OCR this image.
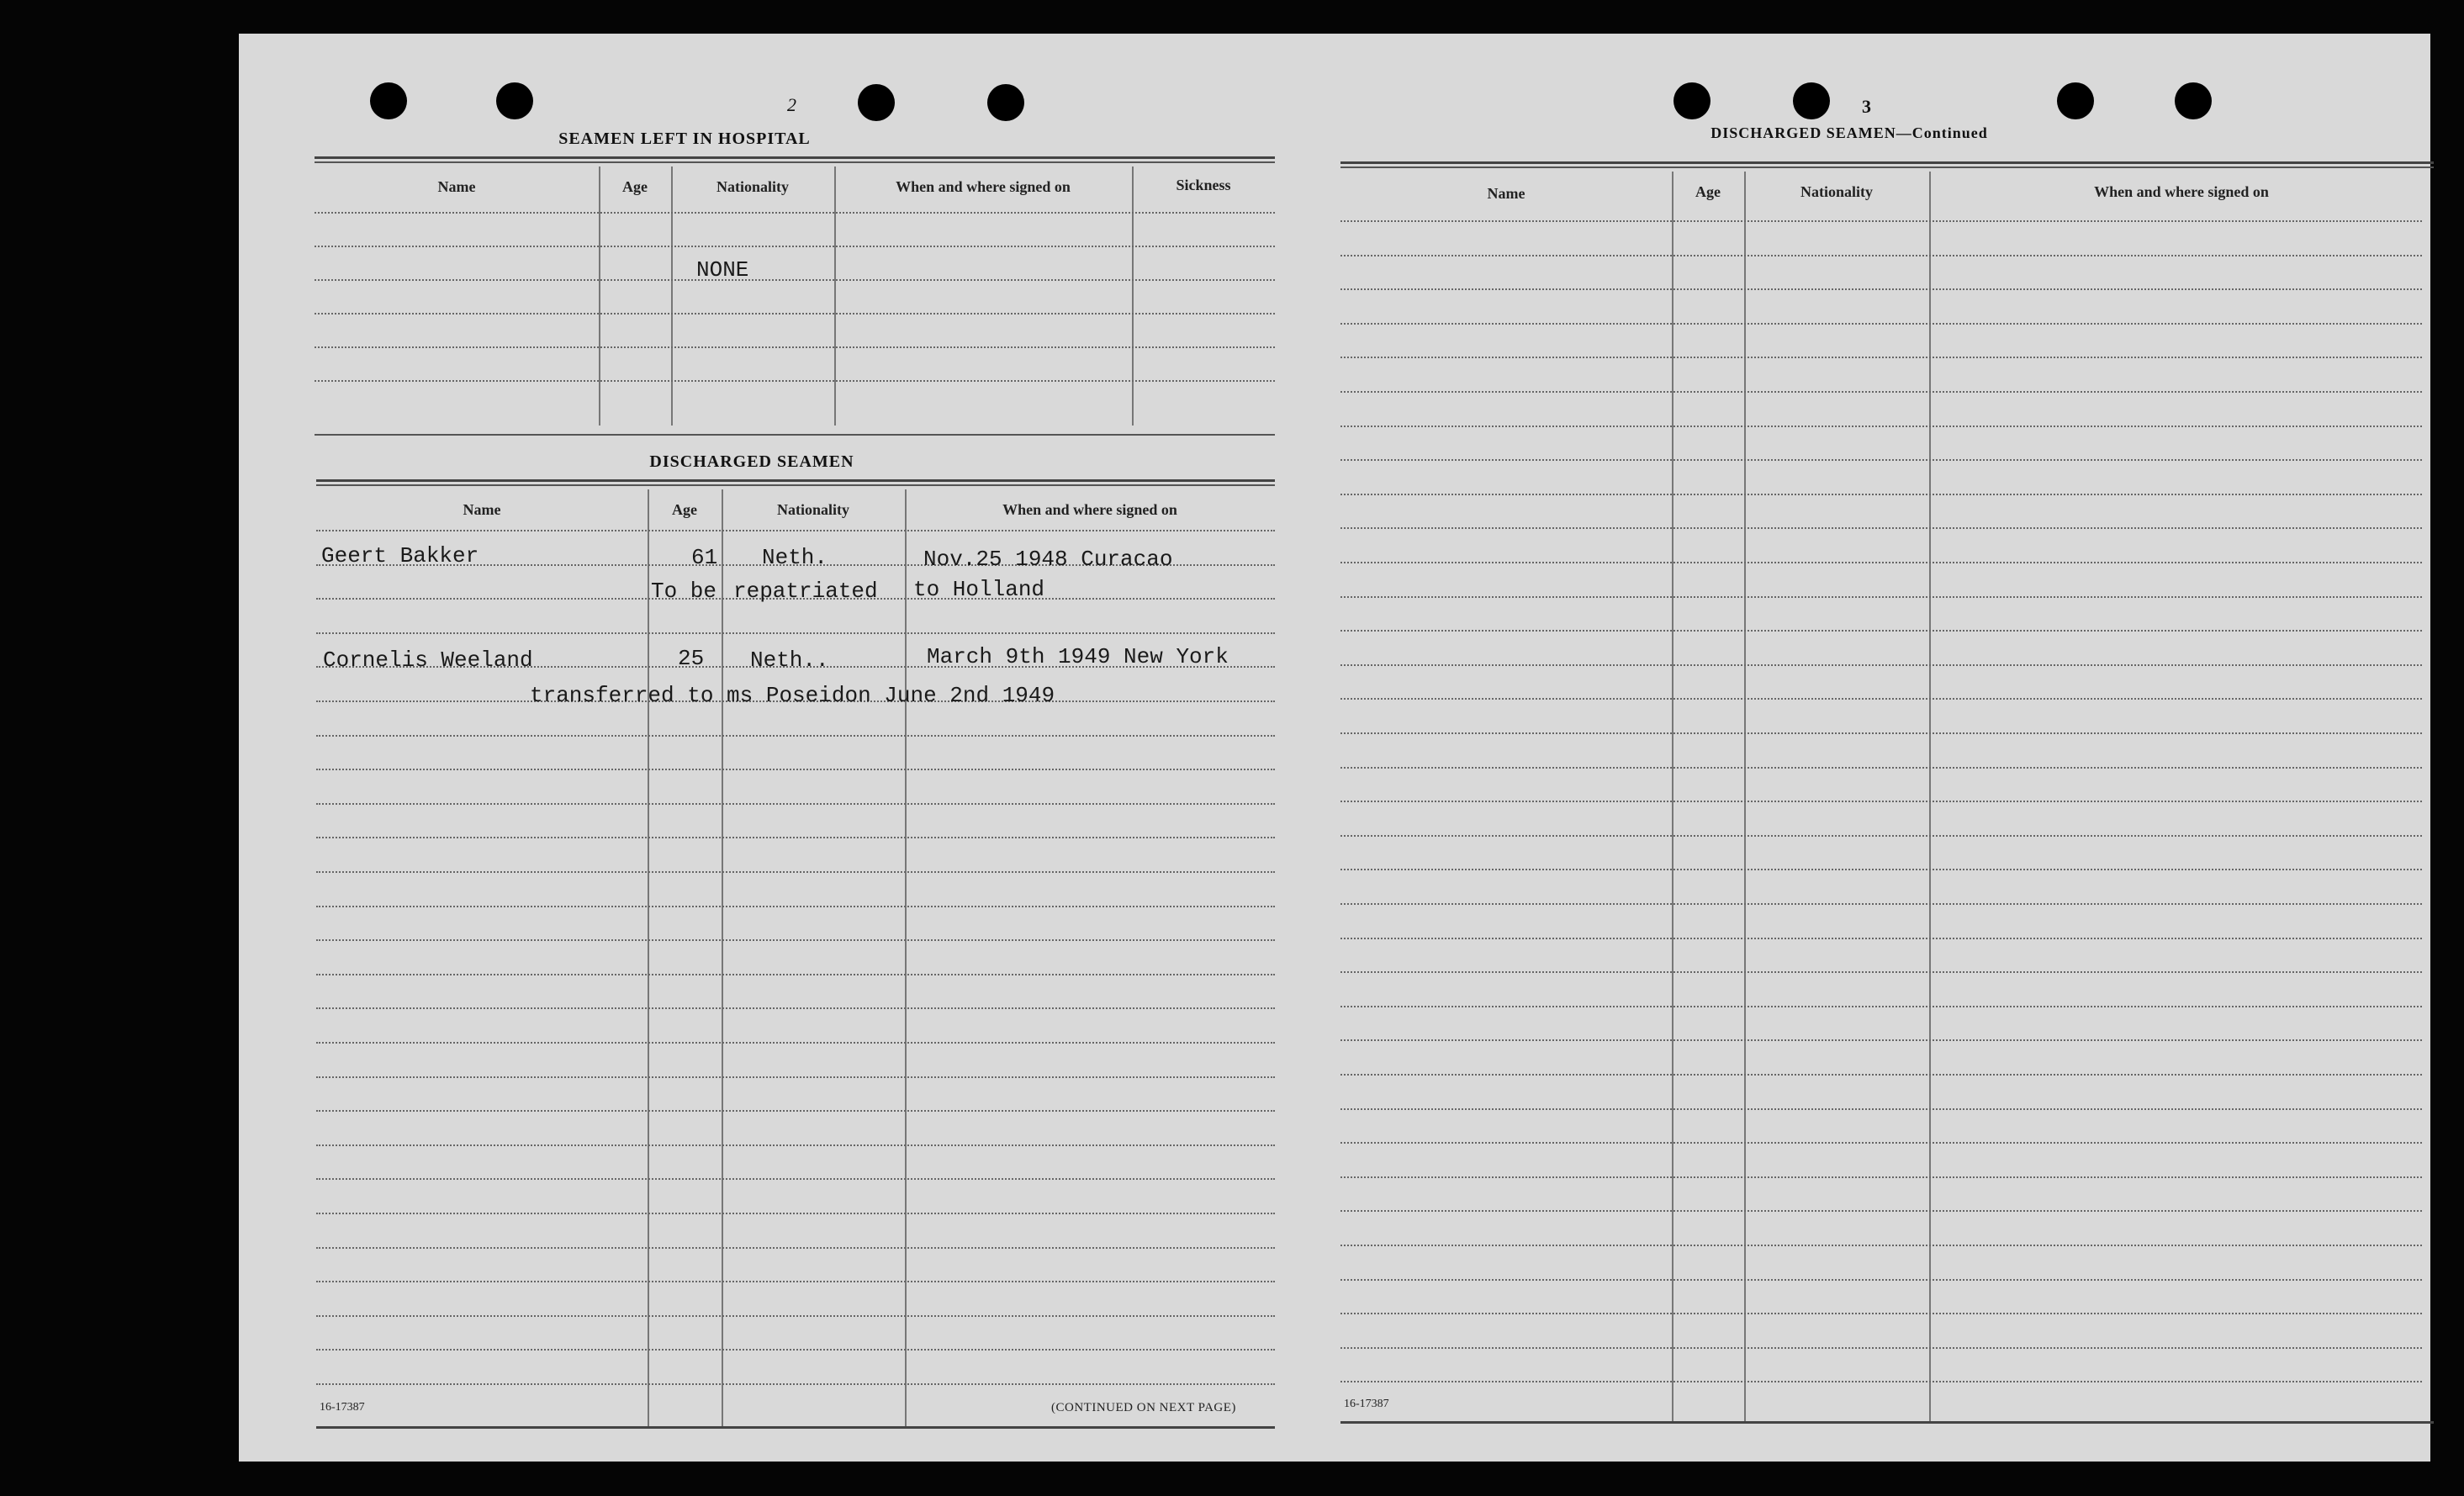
2
SEAMEN LEFT IN HOSPITAL
Name	Age	Nationality	When and where signed on	Sickness
NONE
DISCHARGED SEAMEN
Name	Age	Nationality	When and where signed on
Geert Bakker	61 Neth.	Nov.25 1948 Curacao
To be repatriated to Holland
Cornelis Weeland	25 Neth..	March 9th 1949 New York
transferred to ms Poseidon June 2nd 1949
16-17387	(CONTINUED ON NEXT PAGE)
3
DISCHARGED SEAMEN—Continued
Name	Age	Nationality	When and where signed on
16-17387
